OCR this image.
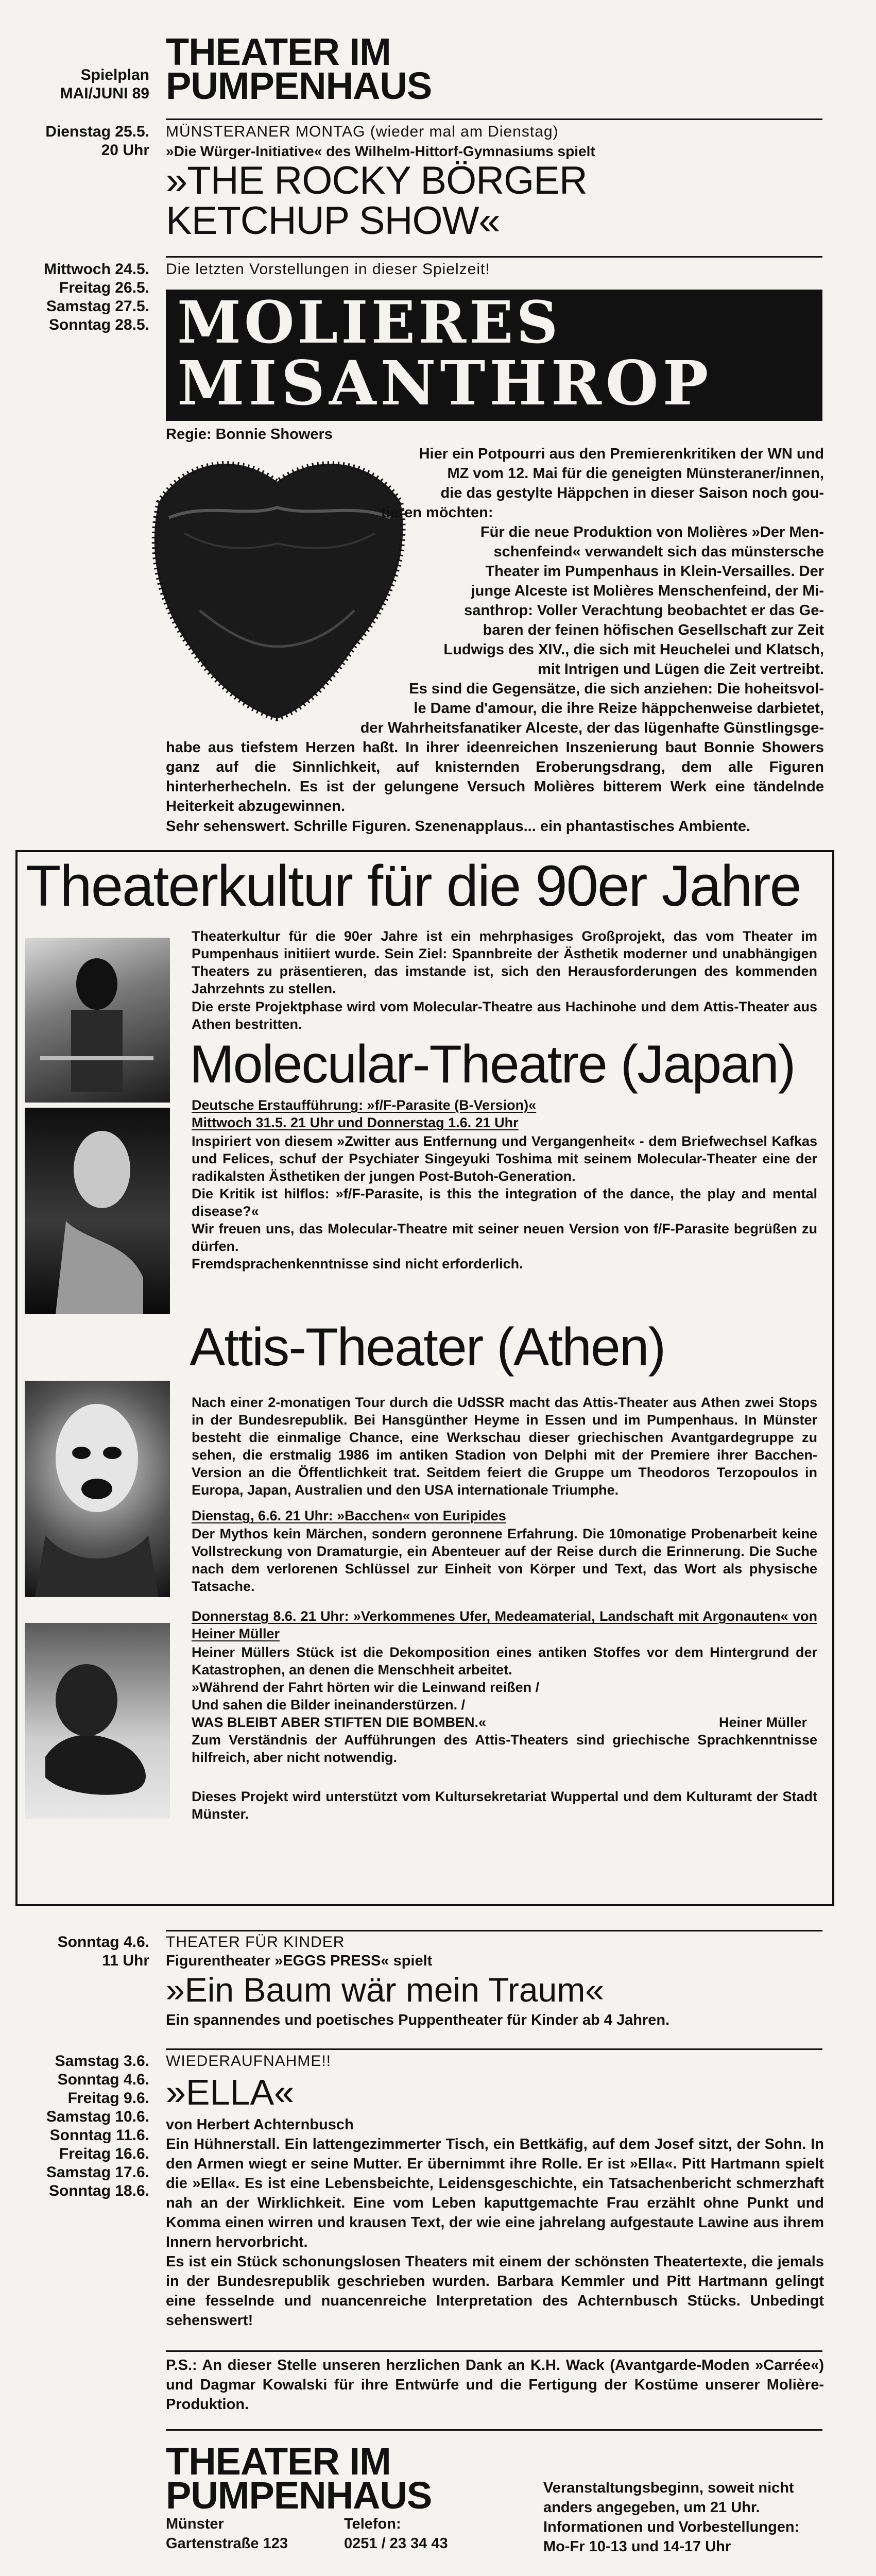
Spielplan
MAI/JUNI 89
THEATER IM
PUMPENHAUS
Dienstag 25.5.
20 Uhr
MÜNSTERANER MONTAG (wieder mal am Dienstag)
»Die Würger-Initiative« des Wilhelm-Hittorf-Gymnasiums spielt
»THE ROCKY BÖRGER
KETCHUP SHOW«
Mittwoch 24.5.
Freitag 26.5.
Samstag 27.5.
Sonntag 28.5.
Die letzten Vorstellungen in dieser Spielzeit!
MOLIERES
MISANTHROP
Regie: Bonnie Showers
Hier ein Potpourri aus den Premierenkritiken der WN und
MZ vom 12. Mai für die geneigten Münsteraner/innen,
die das gestylte Häppchen in dieser Saison noch gou-
tieren möchten:
Für die neue Produktion von Molières »Der Men-
schenfeind« verwandelt sich das münstersche
Theater im Pumpenhaus in Klein-Versailles. Der
junge Alceste ist Molières Menschenfeind, der Mi-
santhrop: Voller Verachtung beobachtet er das Ge-
baren der feinen höfischen Gesellschaft zur Zeit
Ludwigs des XIV., die sich mit Heuchelei und Klatsch,
mit Intrigen und Lügen die Zeit vertreibt.
Es sind die Gegensätze, die sich anziehen: Die hoheitsvol-
le Dame d'amour, die ihre Reize häppchenweise darbietet,
der Wahrheitsfanatiker Alceste, der das lügenhafte Günstlingsge-
habe aus tiefstem Herzen haßt. In ihrer ideenreichen Inszenierung baut Bonnie Showers ganz auf die Sinnlichkeit, auf knisternden Eroberungsdrang, dem alle Figuren hinterherhecheln. Es ist der gelungene Versuch Molières bitterem Werk eine tändelnde Heiterkeit abzugewinnen.
Sehr sehenswert. Schrille Figuren. Szenenapplaus... ein phantastisches Ambiente.
Theaterkultur für die 90er Jahre
Theaterkultur für die 90er Jahre ist ein mehrphasiges Großprojekt, das vom Theater im Pumpenhaus initiiert wurde. Sein Ziel: Spannbreite der Ästhetik moderner und unabhängigen Theaters zu präsentieren, das imstande ist, sich den Herausforderungen des kommenden Jahrzehnts zu stellen.
Die erste Projektphase wird vom Molecular-Theatre aus Hachinohe und dem Attis-Theater aus Athen bestritten.
Molecular-Theatre (Japan)
Deutsche Erstaufführung: »f/F-Parasite (B-Version)«
Mittwoch 31.5. 21 Uhr und Donnerstag 1.6. 21 Uhr
Inspiriert von diesem »Zwitter aus Entfernung und Vergangenheit« - dem Briefwechsel Kafkas und Felices, schuf der Psychiater Singeyuki Toshima mit seinem Molecular-Theater eine der radikalsten Ästhetiken der jungen Post-Butoh-Generation.
Die Kritik ist hilflos: »f/F-Parasite, is this the integration of the dance, the play and mental disease?«
Wir freuen uns, das Molecular-Theatre mit seiner neuen Version von f/F-Parasite begrüßen zu dürfen.
Fremdsprachenkenntnisse sind nicht erforderlich.
Attis-Theater (Athen)
Nach einer 2-monatigen Tour durch die UdSSR macht das Attis-Theater aus Athen zwei Stops in der Bundesrepublik. Bei Hansgünther Heyme in Essen und im Pumpenhaus. In Münster besteht die einmalige Chance, eine Werkschau dieser griechischen Avantgardegruppe zu sehen, die erstmalig 1986 im antiken Stadion von Delphi mit der Premiere ihrer Bacchen-Version an die Öffentlichkeit trat. Seitdem feiert die Gruppe um Theodoros Terzopoulos in Europa, Japan, Australien und den USA internationale Triumphe.
Dienstag, 6.6. 21 Uhr: »Bacchen« von Euripides
Der Mythos kein Märchen, sondern geronnene Erfahrung. Die 10monatige Probenarbeit keine Vollstreckung von Dramaturgie, ein Abenteuer auf der Reise durch die Erinnerung. Die Suche nach dem verlorenen Schlüssel zur Einheit von Körper und Text, das Wort als physische Tatsache.
Donnerstag 8.6. 21 Uhr: »Verkommenes Ufer, Medeamaterial, Landschaft mit Argonauten« von Heiner Müller
Heiner Müllers Stück ist die Dekomposition eines antiken Stoffes vor dem Hintergrund der Katastrophen, an denen die Menschheit arbeitet.
»Während der Fahrt hörten wir die Leinwand reißen /
Und sahen die Bilder ineinanderstürzen. /
WAS BLEIBT ABER STIFTEN DIE BOMBEN.«	Heiner Müller
Zum Verständnis der Aufführungen des Attis-Theaters sind griechische Sprachkenntnisse hilfreich, aber nicht notwendig.
Dieses Projekt wird unterstützt vom Kultursekretariat Wuppertal und dem Kulturamt der Stadt Münster.
Sonntag 4.6.
11 Uhr
THEATER FÜR KINDER
Figurentheater »EGGS PRESS« spielt
»Ein Baum wär mein Traum«
Ein spannendes und poetisches Puppentheater für Kinder ab 4 Jahren.
Samstag 3.6.
Sonntag 4.6.
Freitag 9.6.
Samstag 10.6.
Sonntag 11.6.
Freitag 16.6.
Samstag 17.6.
Sonntag 18.6.
WIEDERAUFNAHME!!
»ELLA«
von Herbert Achternbusch
Ein Hühnerstall. Ein lattengezimmerter Tisch, ein Bettkäfig, auf dem Josef sitzt, der Sohn. In den Armen wiegt er seine Mutter. Er übernimmt ihre Rolle. Er ist »Ella«. Pitt Hartmann spielt die »Ella«. Es ist eine Lebensbeichte, Leidensgeschichte, ein Tatsachenbericht schmerzhaft nah an der Wirklichkeit. Eine vom Leben kaputtgemachte Frau erzählt ohne Punkt und Komma einen wirren und krausen Text, der wie eine jahrelang aufgestaute Lawine aus ihrem Innern hervorbricht.
Es ist ein Stück schonungslosen Theaters mit einem der schönsten Theatertexte, die jemals in der Bundesrepublik geschrieben wurden. Barbara Kemmler und Pitt Hartmann gelingt eine fesselnde und nuancenreiche Interpretation des Achternbusch Stücks. Unbedingt sehenswert!
P.S.: An dieser Stelle unseren herzlichen Dank an K.H. Wack (Avantgarde-Moden »Carrée«) und Dagmar Kowalski für ihre Entwürfe und die Fertigung der Kostüme unserer Molière-Produktion.
THEATER IM
PUMPENHAUS
Münster
Gartenstraße 123
Telefon:
0251 / 23 34 43
Veranstaltungsbeginn, soweit nicht
anders angegeben, um 21 Uhr.
Informationen und Vorbestellungen:
Mo-Fr 10-13 und 14-17 Uhr
